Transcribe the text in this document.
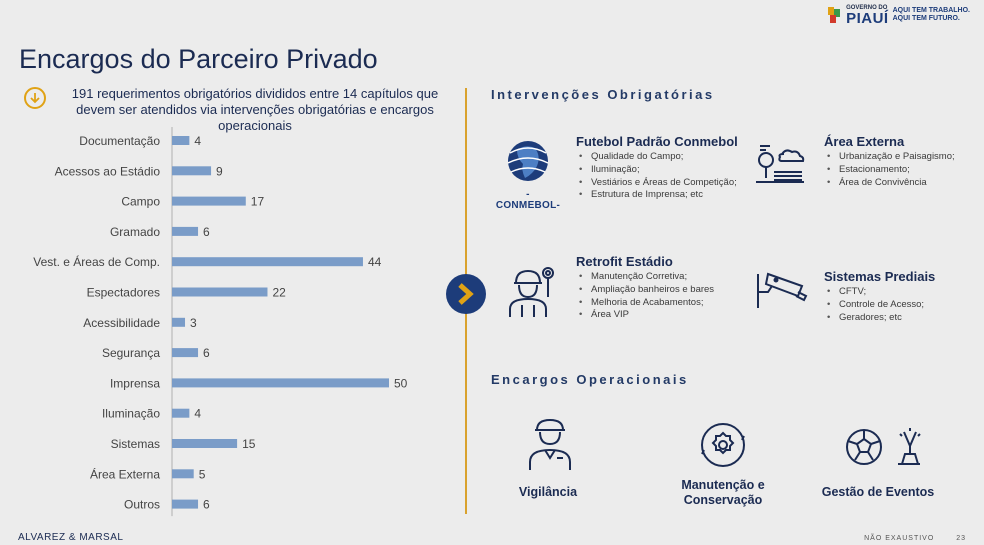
GOVERNO DO
PIAUÍ AQUI TEM TRABALHO.
AQUI TEM FUTURO.
Encargos do Parceiro Privado
191 requerimentos obrigatórios divididos entre 14 capítulos que devem ser atendidos via intervenções obrigatórias e encargos operacionais
Documentação	4
Acessos ao Estádio	9
Campo	17
Gramado	6
Vest. e Áreas de Comp.	44
Espectadores	22
Acessibilidade	3
Segurança	6
Imprensa	50
Iluminação	4
Sistemas	15
Área Externa	5
Outros	6
Intervenções Obrigatórias
-CONMEBOL-
Futebol Padrão Conmebol
• Qualidade do Campo;
• Iluminação;
• Vestiários e Áreas de Competição;
• Estrutura de Imprensa; etc
Área Externa
• Urbanização e Paisagismo;
• Estacionamento;
• Área de Convivência
Retrofit Estádio
• Manutenção Corretiva;
• Ampliação banheiros e bares
• Melhoria de Acabamentos;
• Área VIP
Sistemas Prediais
• CFTV;
• Controle de Acesso;
• Geradores; etc
Encargos Operacionais
Vigilância	Manutenção e
Conservação
Gestão de Eventos
ALVAREZ & MARSAL	NÃO EXAUSTIVO	23
